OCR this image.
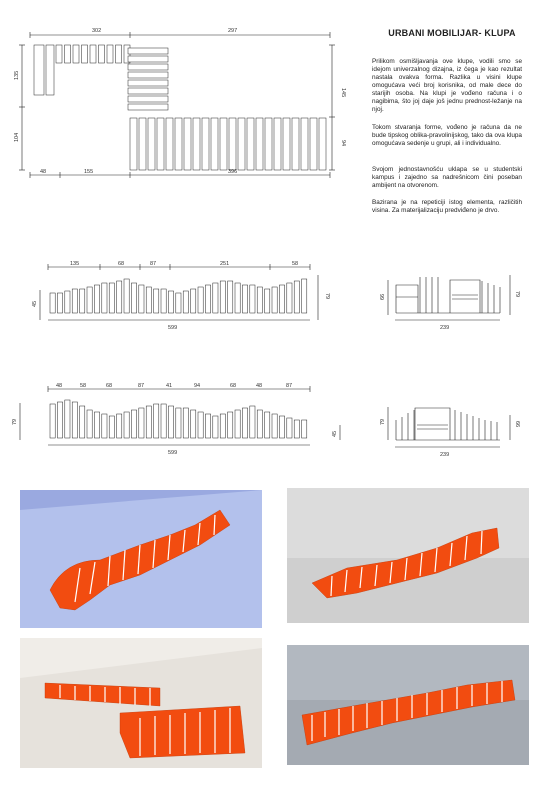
URBANI MOBILIJAR- KLUPA
Prilikom osmišljavanja ove klupe, vodili smo se idejom univerzalnog dizajna, iz čega je kao rezultat nastala ovakva forma. Razlika u visini klupe omogućava veći broj korisnika, od male dece do starijih osoba. Na klupi je vođeno računa i o nagibima, što joj daje još jednu prednost-ležanje na njoj.
Tokom stvaranja forme, vođeno je računa da ne bude tipskog oblika-pravolinijskog, tako da ova klupa omogućava sedenje u grupi, ali i individualno.
Svojom jednostavnošću uklapa se u studentski kampus i zajedno sa nadrešnicom čini poseban ambijent na otvorenom.
Bazirana je na repeticiji istog elementa, različitih visina. Za materijalizaciju predviđeno je drvo.
302	297
135
104
145
94
48	155	396
135	68	87	251	58
45
79
599
66	79
239
48	58	68	87	41	94	68	48	87
79
45
599
79	66
239
